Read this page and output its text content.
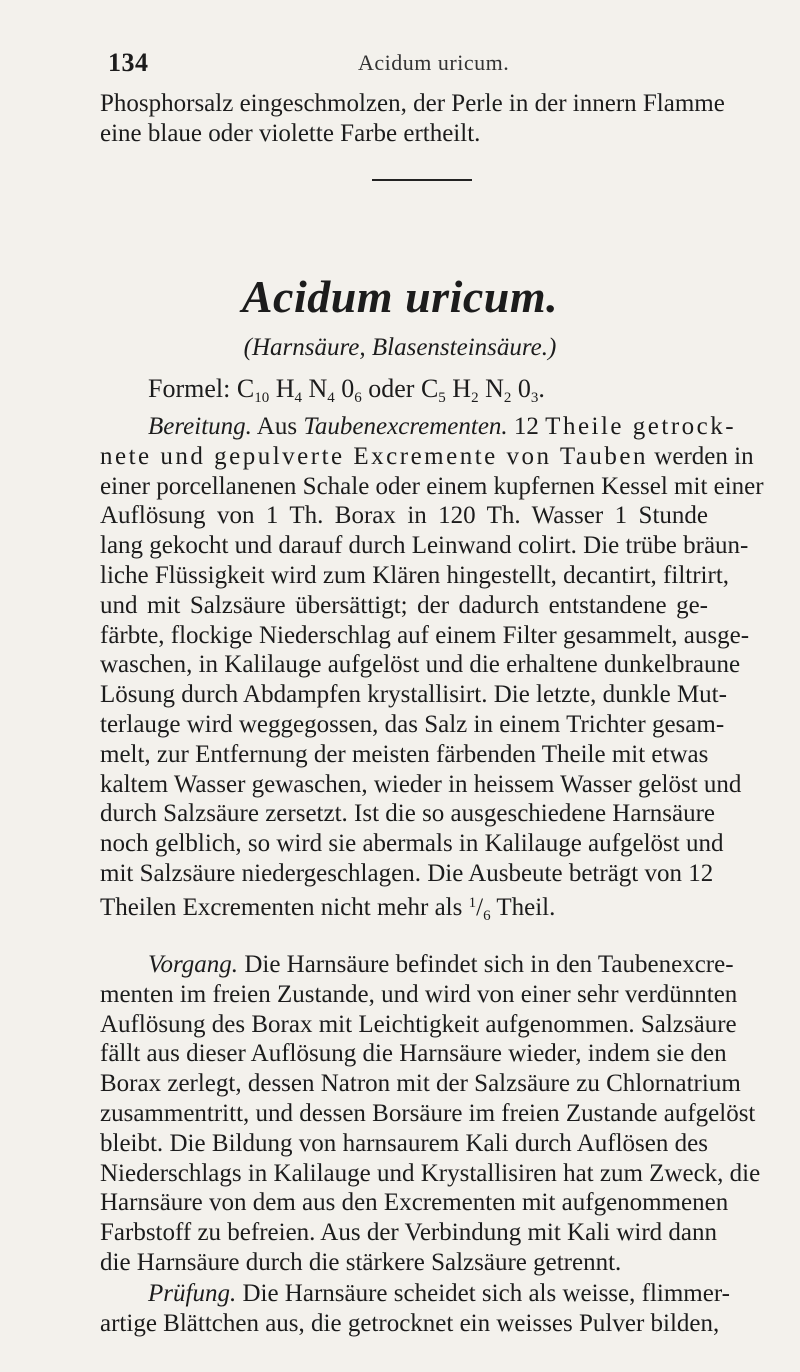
134	Acidum uricum.
Phosphorsalz eingeschmolzen, der Perle in der innern Flamme
eine blaue oder violette Farbe ertheilt.
Acidum uricum.
(Harnsäure, Blasensteinsäure.)
Formel: $C_{10}$ $H_4$ $N_4$ $0_6$ oder $C_5$ $H_2$ $N_2$ $0_3$.
Bereitung. Aus Taubenexcrementen. 12 Theile getrock-
nete und gepulverte Excremente von Tauben werden in
einer porcellanenen Schale oder einem kupfernen Kessel mit einer
Auflösung von 1 Th. Borax in 120 Th. Wasser 1 Stunde
lang gekocht und darauf durch Leinwand colirt. Die trübe bräun-
liche Flüssigkeit wird zum Klären hingestellt, decantirt, filtrirt,
und mit Salzsäure übersättigt; der dadurch entstandene ge-
färbte, flockige Niederschlag auf einem Filter gesammelt, ausge-
waschen, in Kalilauge aufgelöst und die erhaltene dunkelbraune
Lösung durch Abdampfen krystallisirt. Die letzte, dunkle Mut-
terlauge wird weggegossen, das Salz in einem Trichter gesam-
melt, zur Entfernung der meisten färbenden Theile mit etwas
kaltem Wasser gewaschen, wieder in heissem Wasser gelöst und
durch Salzsäure zersetzt. Ist die so ausgeschiedene Harnsäure
noch gelblich, so wird sie abermals in Kalilauge aufgelöst und
mit Salzsäure niedergeschlagen. Die Ausbeute beträgt von 12
Theilen Excrementen nicht mehr als $^1/_6$ Theil.
Vorgang. Die Harnsäure befindet sich in den Taubenexcre-
menten im freien Zustande, und wird von einer sehr verdünnten
Auflösung des Borax mit Leichtigkeit aufgenommen. Salzsäure
fällt aus dieser Auflösung die Harnsäure wieder, indem sie den
Borax zerlegt, dessen Natron mit der Salzsäure zu Chlornatrium
zusammentritt, und dessen Borsäure im freien Zustande aufgelöst
bleibt. Die Bildung von harnsaurem Kali durch Auflösen des
Niederschlags in Kalilauge und Krystallisiren hat zum Zweck, die
Harnsäure von dem aus den Excrementen mit aufgenommenen
Farbstoff zu befreien. Aus der Verbindung mit Kali wird dann
die Harnsäure durch die stärkere Salzsäure getrennt.
Prüfung. Die Harnsäure scheidet sich als weisse, flimmer-
artige Blättchen aus, die getrocknet ein weisses Pulver bilden,
